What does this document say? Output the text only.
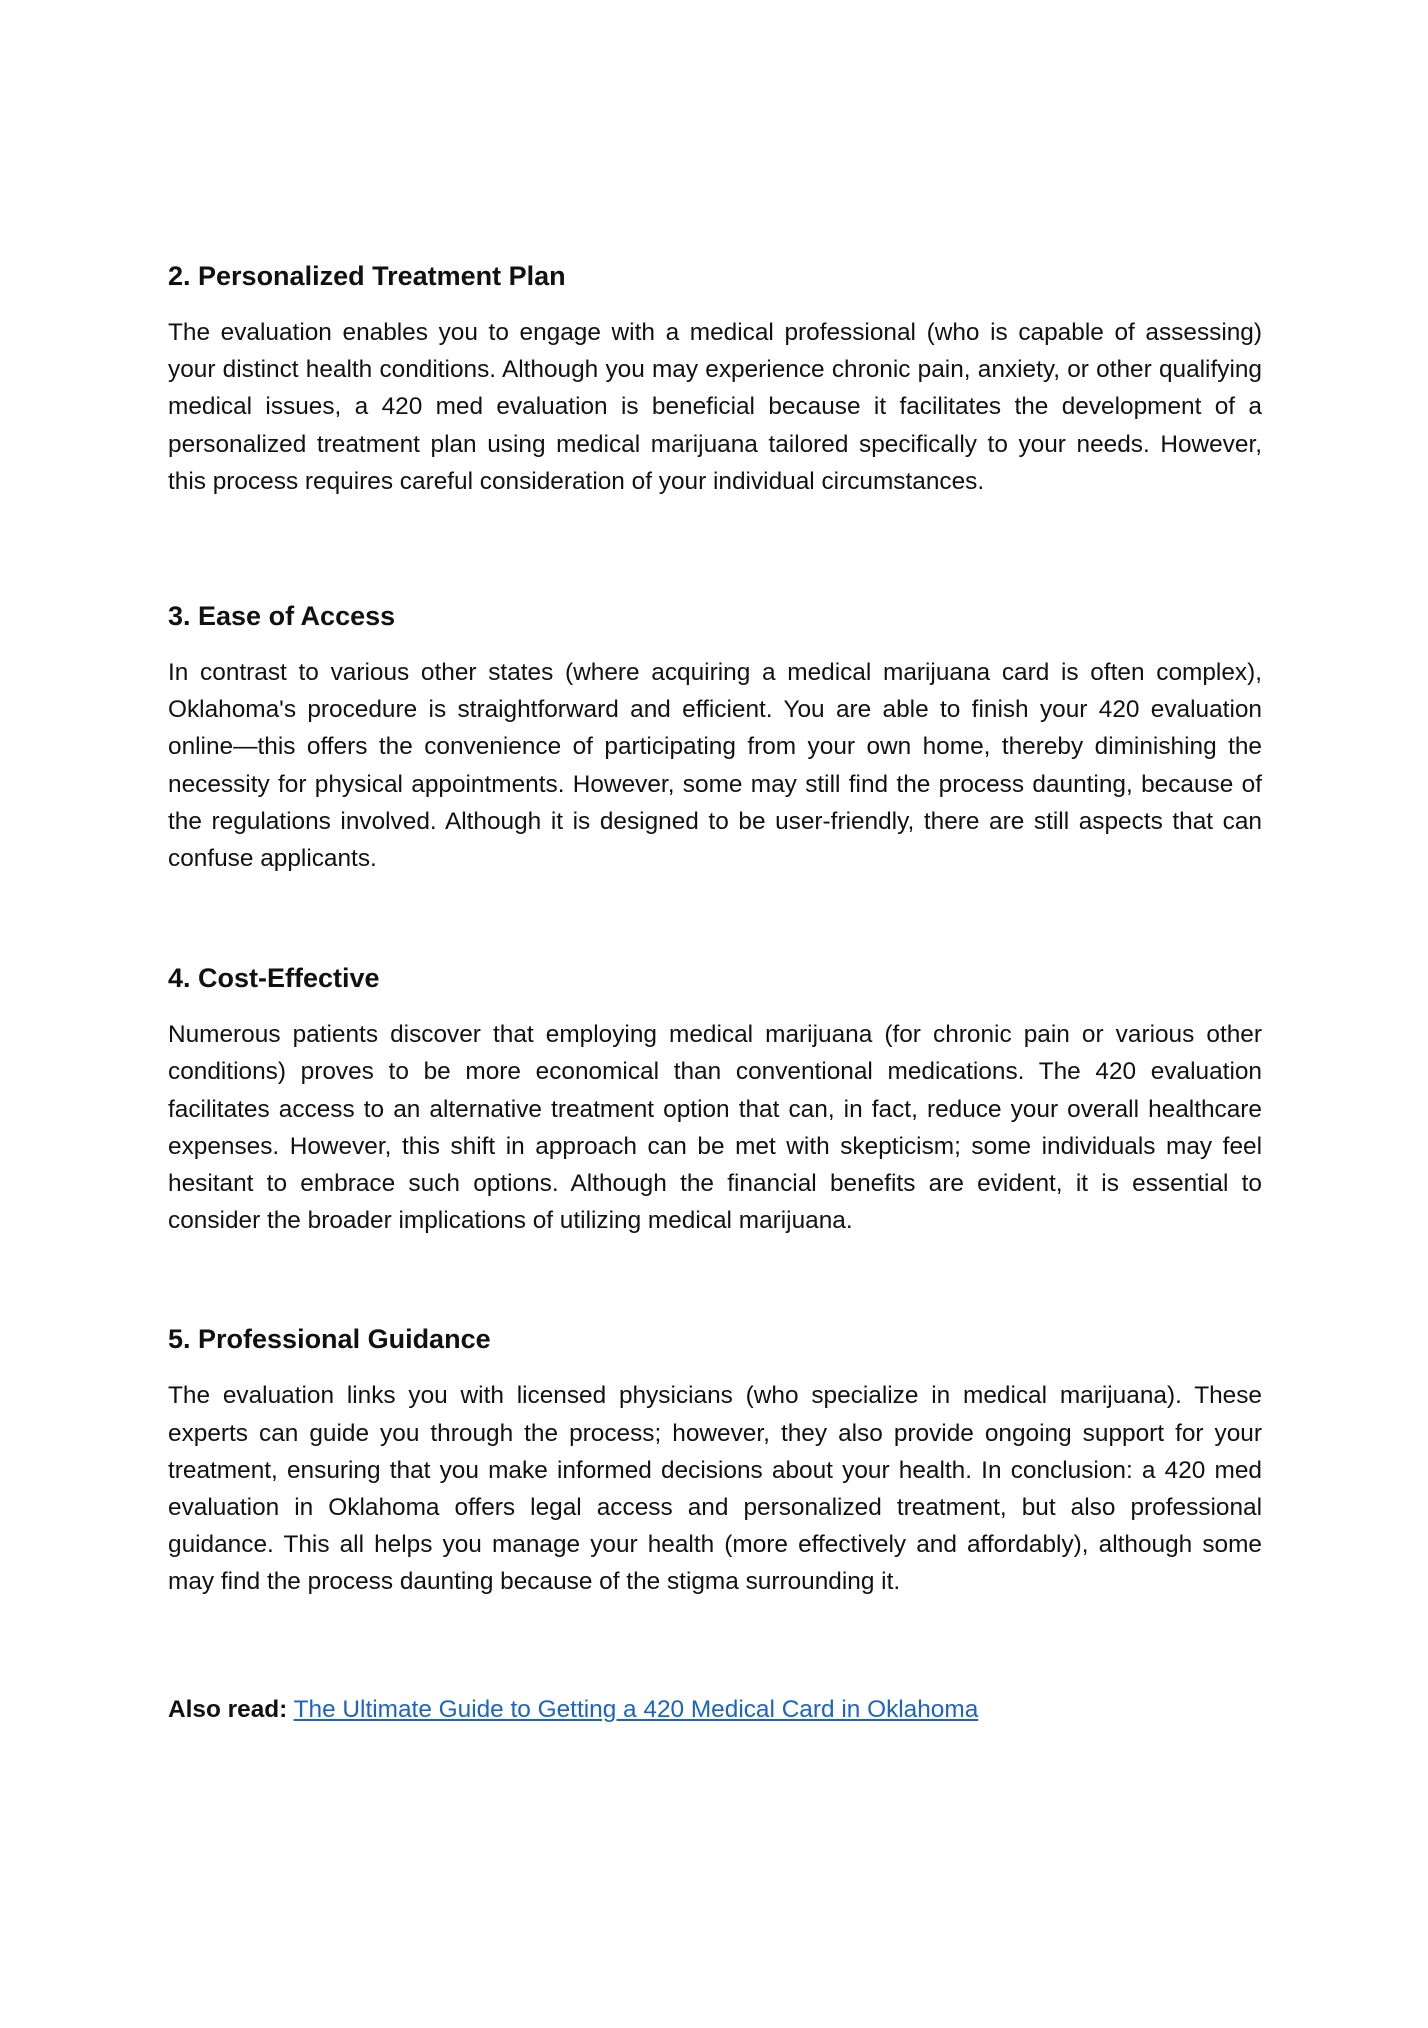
2. Personalized Treatment Plan

The evaluation enables you to engage with a medical professional (who is capable of assessing) your distinct health conditions. Although you may experience chronic pain, anxiety, or other qualifying medical issues, a 420 med evaluation is beneficial because it facilitates the development of a personalized treatment plan using medical marijuana tailored specifically to your needs. However, this process requires careful consideration of your individual circumstances.

3. Ease of Access

In contrast to various other states (where acquiring a medical marijuana card is often complex), Oklahoma's procedure is straightforward and efficient. You are able to finish your 420 evaluation online—this offers the convenience of participating from your own home, thereby diminishing the necessity for physical appointments. However, some may still find the process daunting, because of the regulations involved. Although it is designed to be user-friendly, there are still aspects that can confuse applicants.

4. Cost-Effective

Numerous patients discover that employing medical marijuana (for chronic pain or various other conditions) proves to be more economical than conventional medications. The 420 evaluation facilitates access to an alternative treatment option that can, in fact, reduce your overall healthcare expenses. However, this shift in approach can be met with skepticism; some individuals may feel hesitant to embrace such options. Although the financial benefits are evident, it is essential to consider the broader implications of utilizing medical marijuana.

5. Professional Guidance

The evaluation links you with licensed physicians (who specialize in medical marijuana). These experts can guide you through the process; however, they also provide ongoing support for your treatment, ensuring that you make informed decisions about your health. In conclusion: a 420 med evaluation in Oklahoma offers legal access and personalized treatment, but also professional guidance. This all helps you manage your health (more effectively and affordably), although some may find the process daunting because of the stigma surrounding it.

Also read: The Ultimate Guide to Getting a 420 Medical Card in Oklahoma
